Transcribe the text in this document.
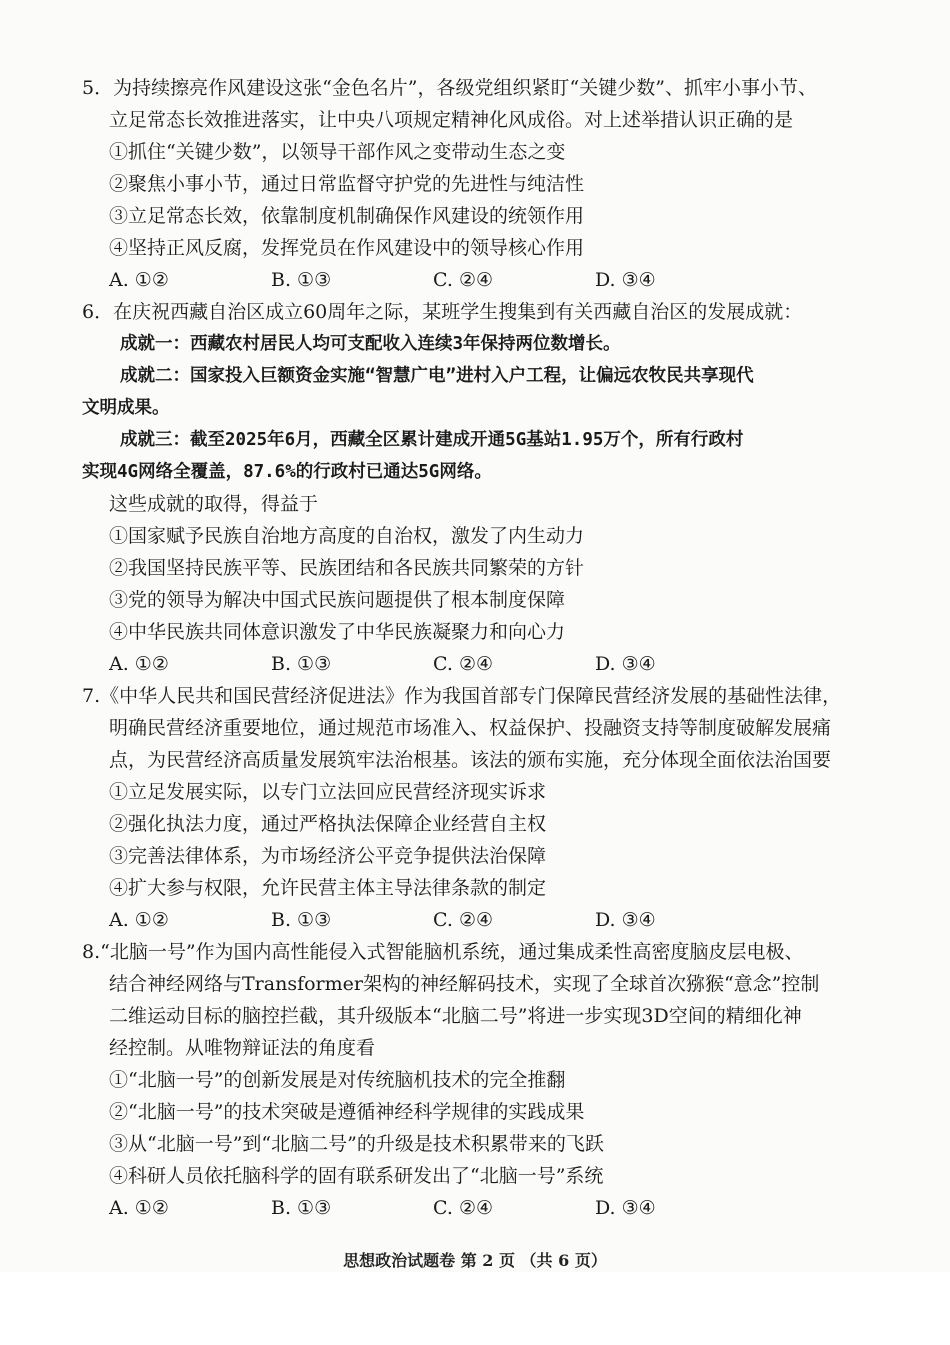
5．为持续擦亮作风建设这张“金色名片”，各级党组织紧盯“关键少数”、抓牢小事小节、
立足常态长效推进落实，让中央八项规定精神化风成俗。对上述举措认识正确的是
①抓住“关键少数”，以领导干部作风之变带动生态之变
②聚焦小事小节，通过日常监督守护党的先进性与纯洁性
③立足常态长效，依靠制度机制确保作风建设的统领作用
④坚持正风反腐，发挥党员在作风建设中的领导核心作用
A. ①②	B. ①③	C. ②④	D. ③④
6．在庆祝西藏自治区成立60周年之际，某班学生搜集到有关西藏自治区的发展成就：
成就一：西藏农村居民人均可支配收入连续3年保持两位数增长。
成就二：国家投入巨额资金实施“智慧广电”进村入户工程，让偏远农牧民共享现代
文明成果。
成就三：截至2025年6月，西藏全区累计建成开通5G基站1.95万个，所有行政村
实现4G网络全覆盖，87.6%的行政村已通达5G网络。
这些成就的取得，得益于
①国家赋予民族自治地方高度的自治权，激发了内生动力
②我国坚持民族平等、民族团结和各民族共同繁荣的方针
③党的领导为解决中国式民族问题提供了根本制度保障
④中华民族共同体意识激发了中华民族凝聚力和向心力
A. ①②	B. ①③	C. ②④	D. ③④
7.《中华人民共和国民营经济促进法》作为我国首部专门保障民营经济发展的基础性法律，
明确民营经济重要地位，通过规范市场准入、权益保护、投融资支持等制度破解发展痛
点，为民营经济高质量发展筑牢法治根基。该法的颁布实施，充分体现全面依法治国要
①立足发展实际，以专门立法回应民营经济现实诉求
②强化执法力度，通过严格执法保障企业经营自主权
③完善法律体系，为市场经济公平竞争提供法治保障
④扩大参与权限，允许民营主体主导法律条款的制定
A. ①②	B. ①③	C. ②④	D. ③④
8.“北脑一号”作为国内高性能侵入式智能脑机系统，通过集成柔性高密度脑皮层电极、
结合神经网络与Transformer架构的神经解码技术，实现了全球首次猕猴“意念”控制
二维运动目标的脑控拦截，其升级版本“北脑二号”将进一步实现3D空间的精细化神
经控制。从唯物辩证法的角度看
①“北脑一号”的创新发展是对传统脑机技术的完全推翻
②“北脑一号”的技术突破是遵循神经科学规律的实践成果
③从“北脑一号”到“北脑二号”的升级是技术积累带来的飞跃
④科研人员依托脑科学的固有联系研发出了“北脑一号”系统
A. ①②	B. ①③	C. ②④	D. ③④
思想政治试题卷 第 2 页 （共 6 页）
